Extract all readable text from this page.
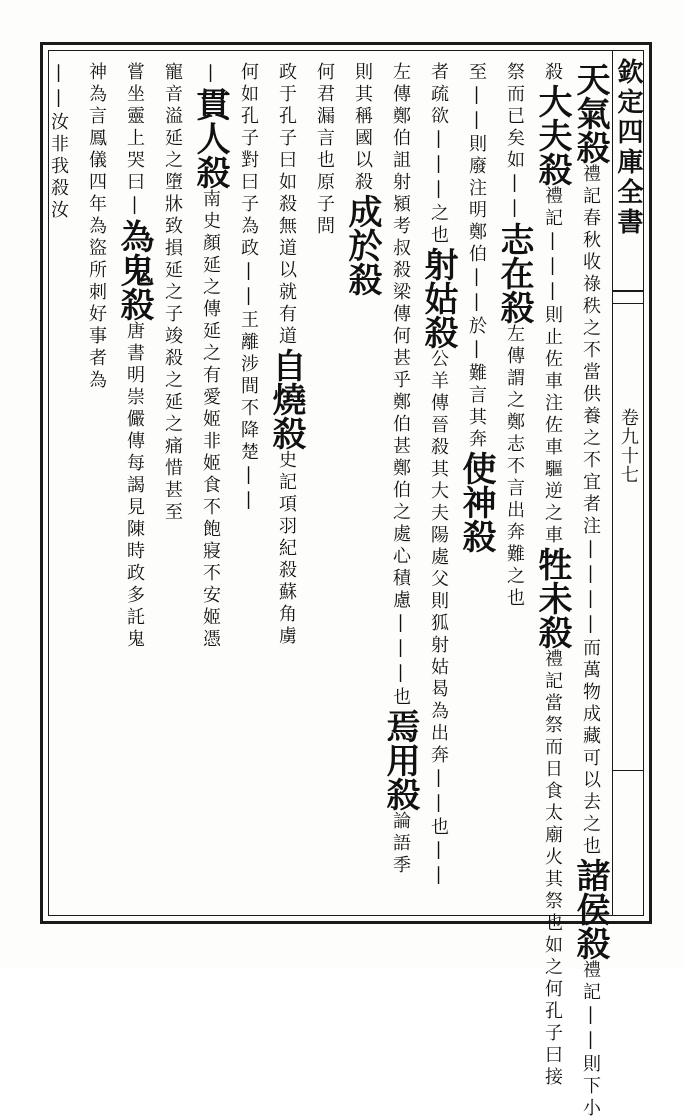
欽定四庫全書
卷九十七
天氣殺禮記春秋收祿秩之不當供養之不宜者注||||而萬物成藏可以去之也諸侯殺禮記||則下小
殺大夫殺禮記|||則止佐車注佐車驅逆之車牲未殺禮記當祭而日食太廟火其祭也如之何孔子曰接
祭而已矣如||志在殺左傳謂之鄭志不言出奔難之也
至||則廢注明鄭伯||於|難言其奔使神殺
者疏欲|||之也射姑殺公羊傳晉殺其大夫陽處父則狐射姑曷為出奔||也||
左傳鄭伯詛射潁考叔殺梁傳何甚乎鄭伯甚鄭伯之處心積慮|||也焉用殺論語季
則其稱國以殺成於殺
何君漏言也原子問
政于孔子曰如殺無道以就有道自燒殺史記項羽紀殺蘇角虜
何如孔子對曰子為政||王離涉間不降楚||
|貫人殺南史顏延之傳延之有愛姬非姬食不飽寢不安姬憑
寵音溢延之墮牀致損延之子竣殺之延之痛惜甚至
嘗坐靈上哭曰|為鬼殺唐書明崇儼傳每謁見陳時政多託鬼
神為言鳳儀四年為盜所刺好事者為
||汝非我殺汝
